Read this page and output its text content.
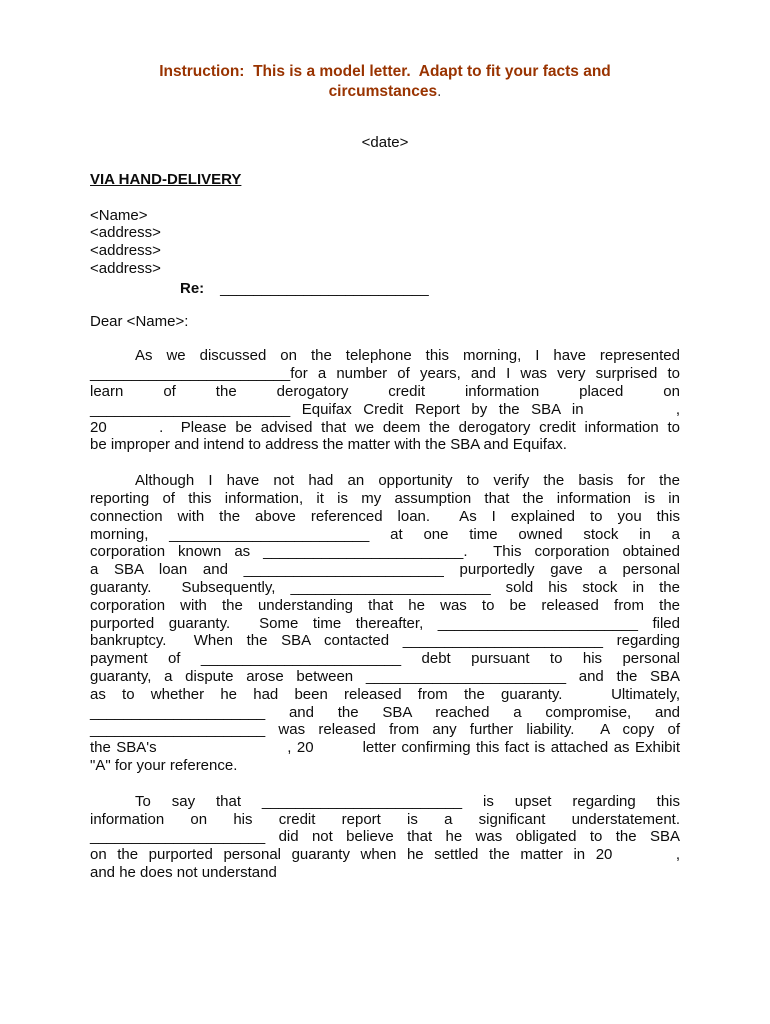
Instruction:  This is a model letter.  Adapt to fit your facts and
circumstances.
<date>
VIA HAND-DELIVERY
<Name>
<address>
<address>
<address>
Re: _________________________
Dear <Name>:
As we discussed on the telephone this morning, I have represented
________________________for a number of years, and I was very surprised to
learn of the derogatory credit information placed on
________________________ Equifax Credit Report by the SBA in        ,
20      .  Please be advised that we deem the derogatory credit information to
be improper and intend to address the matter with the SBA and Equifax.
Although I have not had an opportunity to verify the basis for the
reporting of this information, it is my assumption that the information is in
connection with the above referenced loan.  As I explained to you this
morning, ________________________ at one time owned stock in a
corporation known as ________________________.  This corporation obtained
a SBA loan and ________________________ purportedly gave a personal
guaranty.  Subsequently, ________________________ sold his stock in the
corporation with the understanding that he was to be released from the
purported guaranty.  Some time thereafter, ________________________ filed
bankruptcy.  When the SBA contacted ________________________ regarding
payment of ________________________ debt pursuant to his personal
guaranty, a dispute arose between ________________________ and the SBA
as to whether he had been released from the guaranty.   Ultimately,
_____________________ and the SBA reached a compromise, and
_____________________ was released from any further liability.  A copy of
the SBA's                        , 20         letter confirming this fact is attached as Exhibit
"A" for your reference.
To say that ________________________ is upset regarding this
information on his credit report is a significant understatement.
_____________________ did not believe that he was obligated to the SBA
on the purported personal guaranty when he settled the matter in 20      ,
and he does not understand
